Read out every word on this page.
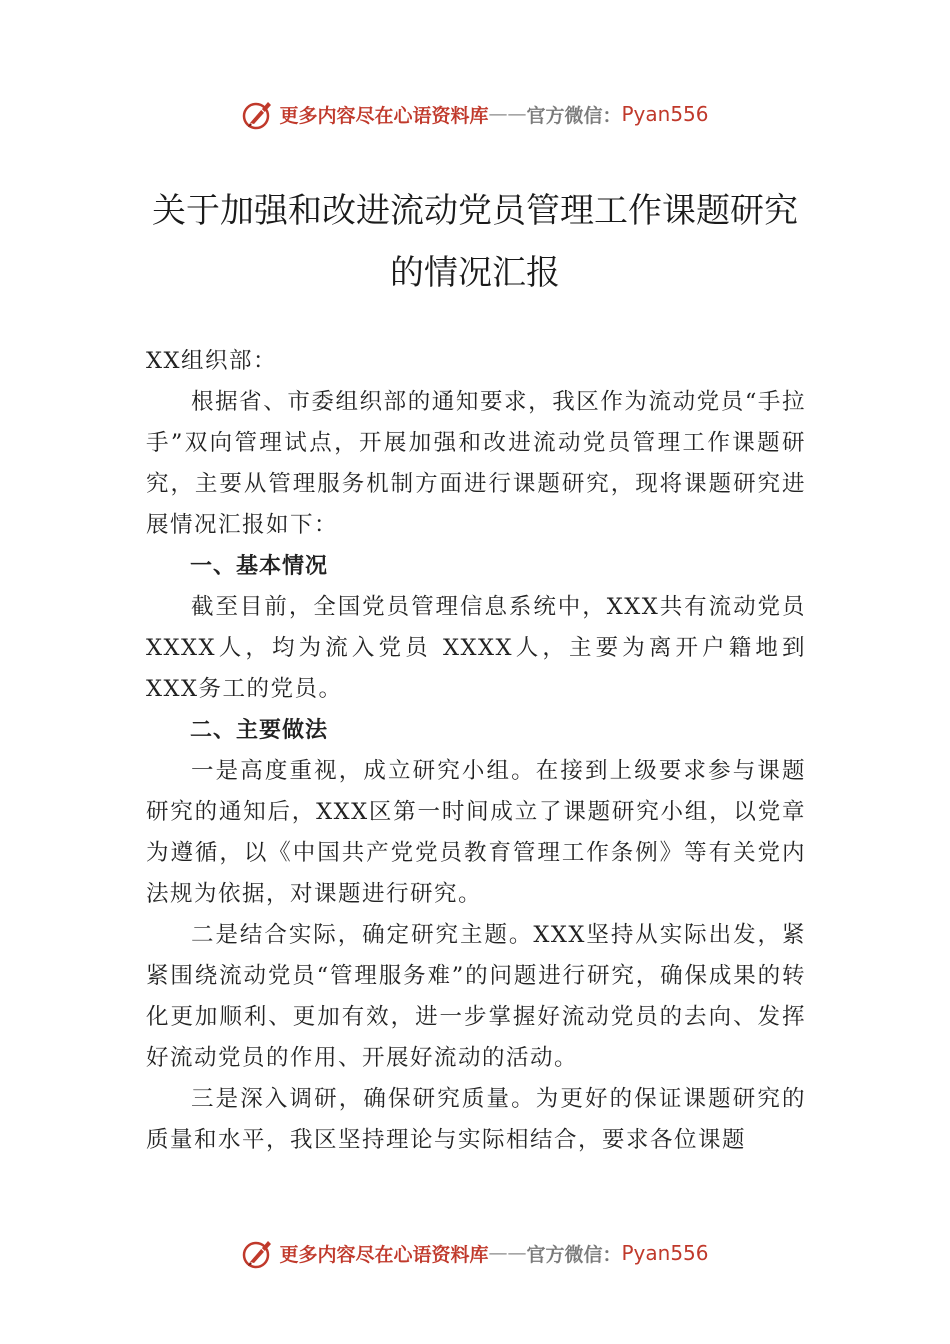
更多内容尽在心语资料库 —— 官方微信： Pyan556
关于加强和改进流动党员管理工作课题研究的情况汇报

XX组织部：

根据省、市委组织部的通知要求，我区作为流动党员“手拉手”双向管理试点，开展加强和改进流动党员管理工作课题研究，主要从管理服务机制方面进行课题研究，现将课题研究进展情况汇报如下：

一、基本情况

截至目前，全国党员管理信息系统中，XXX共有流动党员 XXXX人，均为流入党员 XXXX人，主要为离开户籍地到 XXX务工的党员。

二、主要做法

一是高度重视，成立研究小组。在接到上级要求参与课题研究的通知后，XXX区第一时间成立了课题研究小组，以党章为遵循，以《中国共产党党员教育管理工作条例》等有关党内法规为依据，对课题进行研究。

二是结合实际，确定研究主题。XXX坚持从实际出发，紧紧围绕流动党员“管理服务难”的问题进行研究，确保成果的转化更加顺利、更加有效，进一步掌握好流动党员的去向、发挥好流动党员的作用、开展好流动的活动。

三是深入调研，确保研究质量。为更好的保证课题研究的质量和水平，我区坚持理论与实际相结合，要求各位课题

更多内容尽在心语资料库 —— 官方微信： Pyan556
